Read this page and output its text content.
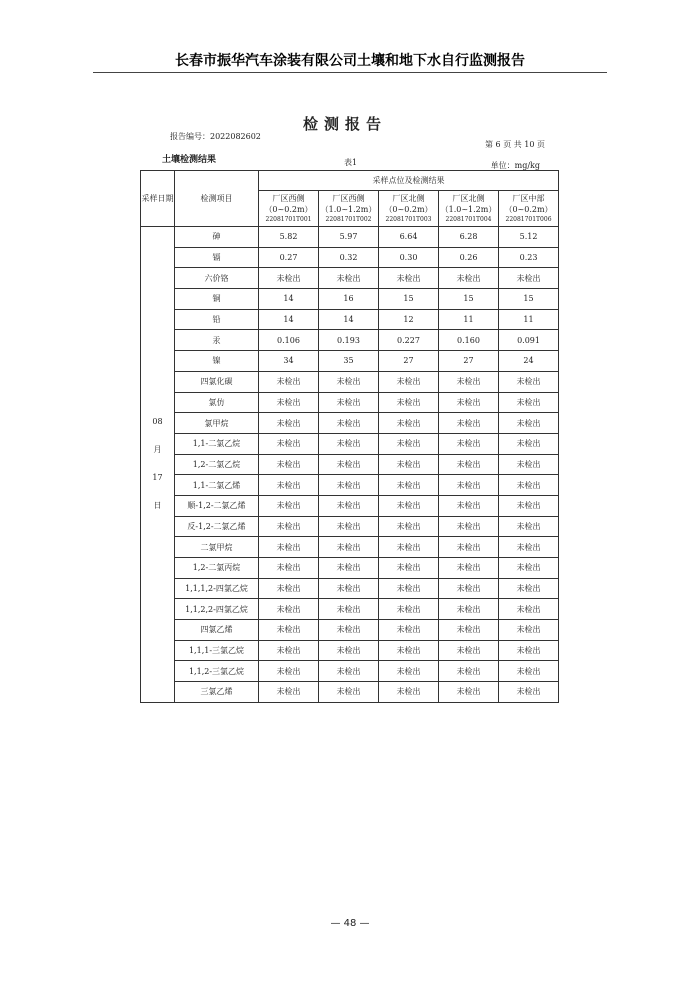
长春市振华汽车涂装有限公司土壤和地下水自行监测报告
检测报告
报告编号：2022082602
第 6 页 共 10 页
土壤检测结果	表1	单位：mg/kg
采样日期	检测项目	采样点位及检测结果				

		厂区西侧
（0~0.2m）
22081701T001	厂区西侧
（1.0~1.2m）
22081701T002	厂区北侧
（0~0.2m）
22081701T003	厂区北侧
（1.0~1.2m）
22081701T004	厂区中部
（0~0.2m）
22081701T006

08
月
17
日	砷	5.82	5.97	6.64	6.28	5.12
	镉	0.27	0.32	0.30	0.26	0.23
	六价铬	未检出	未检出	未检出	未检出	未检出
	铜	14	16	15	15	15
	铅	14	14	12	11	11
	汞	0.106	0.193	0.227	0.160	0.091
	镍	34	35	27	27	24
	四氯化碳	未检出	未检出	未检出	未检出	未检出
	氯仿	未检出	未检出	未检出	未检出	未检出
	氯甲烷	未检出	未检出	未检出	未检出	未检出
	1,1-二氯乙烷	未检出	未检出	未检出	未检出	未检出
	1,2-二氯乙烷	未检出	未检出	未检出	未检出	未检出
	1,1-二氯乙烯	未检出	未检出	未检出	未检出	未检出
	顺-1,2-二氯乙烯	未检出	未检出	未检出	未检出	未检出
	反-1,2-二氯乙烯	未检出	未检出	未检出	未检出	未检出
	二氯甲烷	未检出	未检出	未检出	未检出	未检出
	1,2-二氯丙烷	未检出	未检出	未检出	未检出	未检出
	1,1,1,2-四氯乙烷	未检出	未检出	未检出	未检出	未检出
	1,1,2,2-四氯乙烷	未检出	未检出	未检出	未检出	未检出
	四氯乙烯	未检出	未检出	未检出	未检出	未检出
	1,1,1-三氯乙烷	未检出	未检出	未检出	未检出	未检出
	1,1,2-三氯乙烷	未检出	未检出	未检出	未检出	未检出
	三氯乙烯	未检出	未检出	未检出	未检出	未检出
— 48 —
